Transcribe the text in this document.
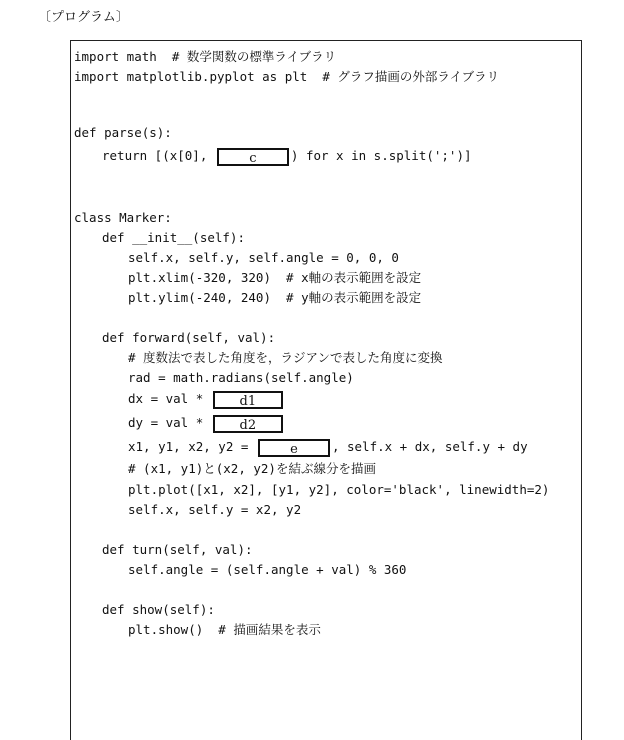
〔プログラム〕
import math  # 数学関数の標準ライブラリ
import matplotlib.pyplot as plt  # グラフ描画の外部ライブラリ
def parse(s):
return [(x[0],	c	) for x in s.split(';')]
class Marker:
def __init__(self):
self.x, self.y, self.angle = 0, 0, 0
plt.xlim(-320, 320)  # x軸の表示範囲を設定
plt.ylim(-240, 240)  # y軸の表示範囲を設定
def forward(self, val):
# 度数法で表した角度を，ラジアンで表した角度に変換
rad = math.radians(self.angle)
dx = val * d1
dy = val * d2
x1, y1, x2, y2 =	e	, self.x + dx, self.y + dy
# (x1, y1)と(x2, y2)を結ぶ線分を描画
plt.plot([x1, x2], [y1, y2], color='black', linewidth=2)
self.x, self.y = x2, y2
def turn(self, val):
self.angle = (self.angle + val) % 360
def show(self):
plt.show()  # 描画結果を表示
